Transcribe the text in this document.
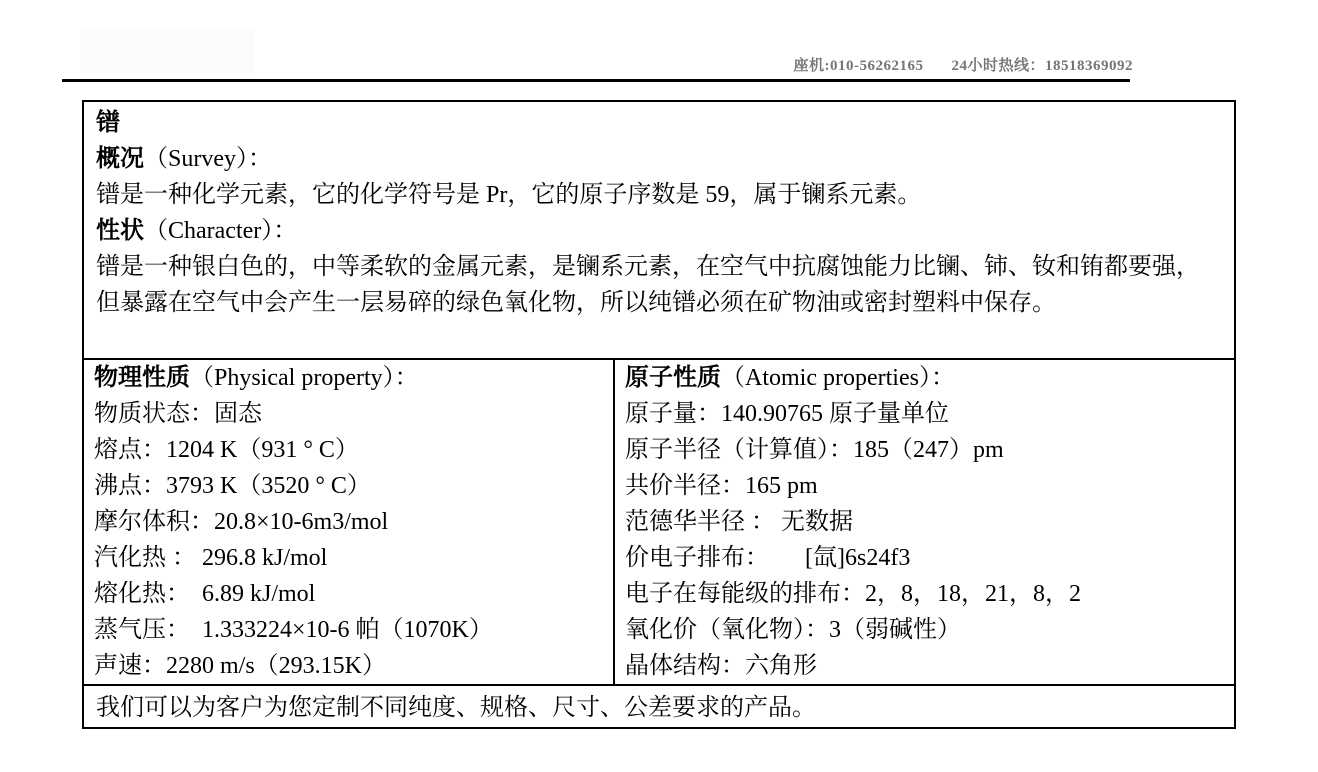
座机:010-56262165 24小时热线：18518369092
镨
概况（Survey）：
镨是一种化学元素，它的化学符号是 Pr，它的原子序数是 59，属于镧系元素。
性状（Character）：
镨是一种银白色的，中等柔软的金属元素，是镧系元素，在空气中抗腐蚀能力比镧、铈、钕和铕都要强，但暴露在空气中会产生一层易碎的绿色氧化物，所以纯镨必须在矿物油或密封塑料中保存。
物理性质（Physical property）：
物质状态：固态
熔点：1204 K（931 ° C）
沸点：3793 K（3520 ° C）
摩尔体积：20.8×10-6m3/mol
汽化热 ： 296.8 kJ/mol
熔化热：  6.89 kJ/mol
蒸气压：  1.333224×10-6 帕（1070K）
声速：2280 m/s（293.15K）
原子性质（Atomic properties）：
原子量：140.90765 原子量单位
原子半径（计算值）：185（247）pm
共价半径：165 pm
范德华半径 ： 无数据
价电子排布：      [氙]6s24f3
电子在每能级的排布：2，8，18，21，8，2
氧化价（氧化物）：3（弱碱性）
晶体结构：六角形
我们可以为客户为您定制不同纯度、规格、尺寸、公差要求的产品。
